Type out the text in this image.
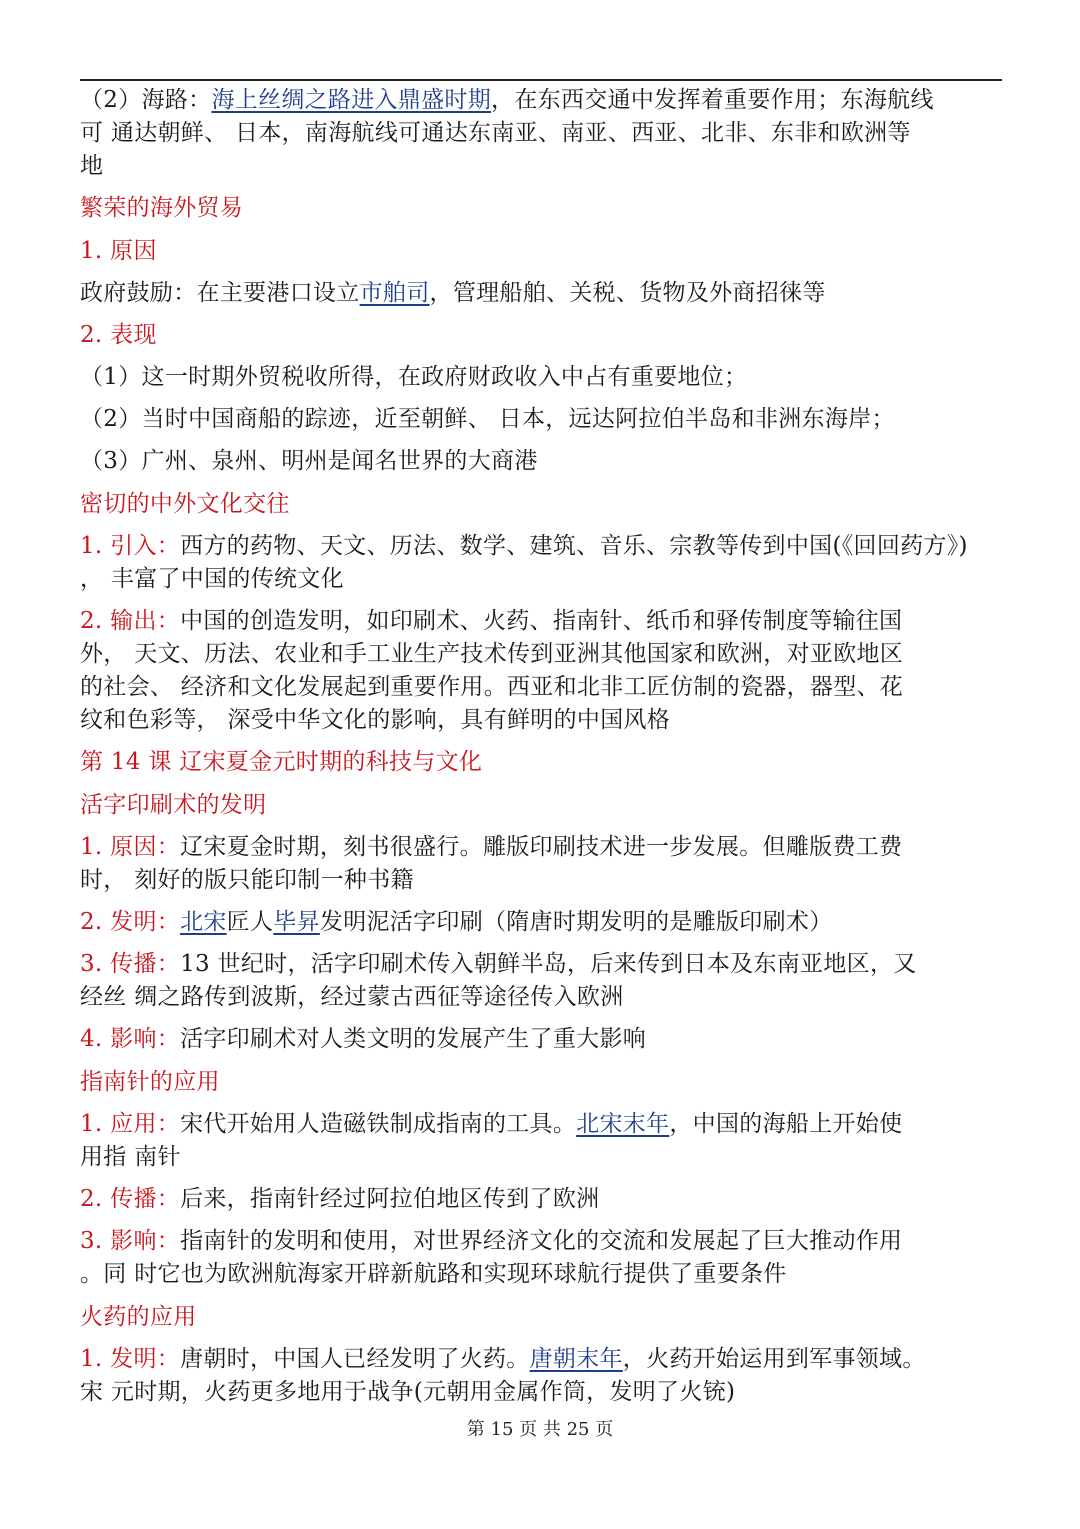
（2）海路：海上丝绸之路进入鼎盛时期，在东西交通中发挥着重要作用；东海航线
可 通达朝鲜、 日本，南海航线可通达东南亚、南亚、西亚、北非、东非和欧洲等
地
繁荣的海外贸易
1. 原因
政府鼓励：在主要港口设立市舶司，管理船舶、关税、货物及外商招徕等
2. 表现
（1）这一时期外贸税收所得，在政府财政收入中占有重要地位；
（2）当时中国商船的踪迹，近至朝鲜、 日本，远达阿拉伯半岛和非洲东海岸；
（3）广州、泉州、明州是闻名世界的大商港
密切的中外文化交往
1. 引入：西方的药物、天文、历法、数学、建筑、音乐、宗教等传到中国(《回回药方》)
， 丰富了中国的传统文化
2. 输出：中国的创造发明，如印刷术、火药、指南针、纸币和驿传制度等输往国
外， 天文、历法、农业和手工业生产技术传到亚洲其他国家和欧洲，对亚欧地区
的社会、 经济和文化发展起到重要作用。西亚和北非工匠仿制的瓷器，器型、花
纹和色彩等， 深受中华文化的影响，具有鲜明的中国风格
第 14 课 辽宋夏金元时期的科技与文化
活字印刷术的发明
1. 原因：辽宋夏金时期，刻书很盛行。雕版印刷技术进一步发展。但雕版费工费
时， 刻好的版只能印制一种书籍
2. 发明：北宋匠人毕昇发明泥活字印刷（隋唐时期发明的是雕版印刷术）
3. 传播：13 世纪时，活字印刷术传入朝鲜半岛，后来传到日本及东南亚地区，又
经丝 绸之路传到波斯，经过蒙古西征等途径传入欧洲
4. 影响：活字印刷术对人类文明的发展产生了重大影响
指南针的应用
1. 应用：宋代开始用人造磁铁制成指南的工具。北宋末年，中国的海船上开始使
用指 南针
2. 传播：后来，指南针经过阿拉伯地区传到了欧洲
3. 影响：指南针的发明和使用，对世界经济文化的交流和发展起了巨大推动作用
。同 时它也为欧洲航海家开辟新航路和实现环球航行提供了重要条件
火药的应用
1. 发明：唐朝时，中国人已经发明了火药。唐朝末年，火药开始运用到军事领域。
宋 元时期，火药更多地用于战争(元朝用金属作筒，发明了火铳)
第 15 页 共 25 页
